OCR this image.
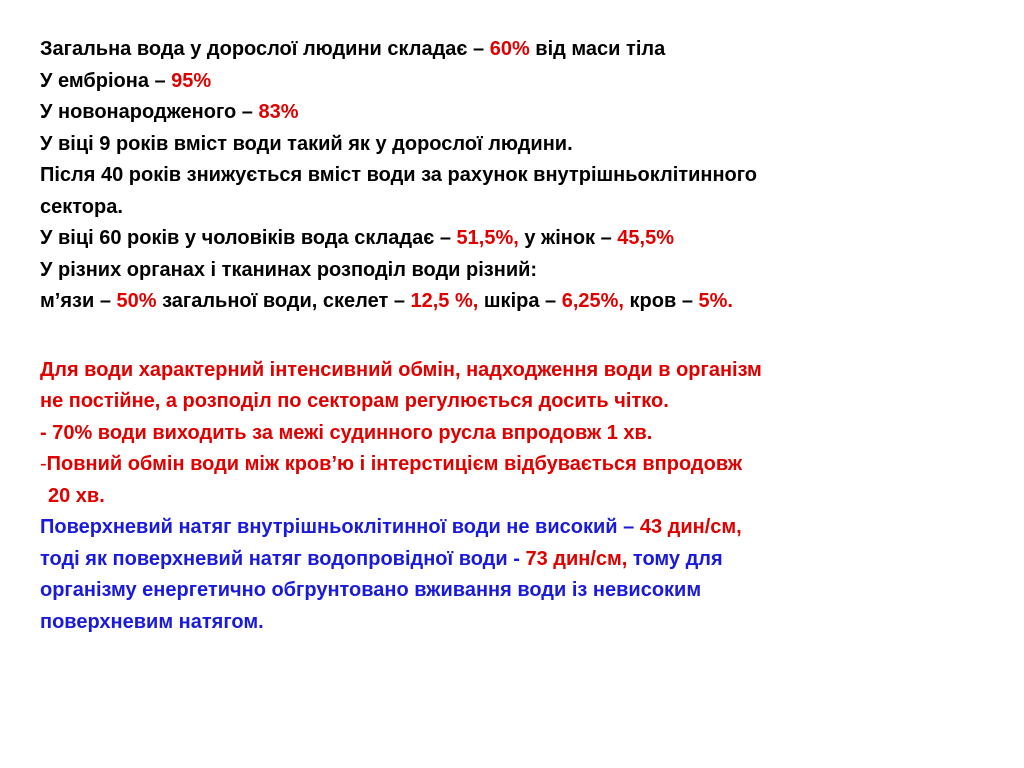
Загальна вода у дорослої людини складає – 60% від маси тіла
У ембріона – 95%
У новонародженого – 83%
У віці 9 років вміст води такий як у дорослої людини.
Після 40 років знижується вміст води за рахунок внутрішньоклітинного
сектора.
У віці 60 років у чоловіків вода складає – 51,5%, у жінок – 45,5%
У різних органах і тканинах розподіл води різний:
м’язи – 50% загальної води, скелет – 12,5 %, шкіра – 6,25%, кров – 5%.
Для води характерний інтенсивний обмін, надходження води в організм
не постійне, а розподіл по секторам регулюється досить чітко.
- 70% води виходить за межі судинного русла впродовж 1 хв.
-Повний обмін води між кров’ю і інтерстицієм відбувається впродовж
20 хв.
Поверхневий натяг внутрішньоклітинної води не високий – 43 дин/см,
тоді як поверхневий натяг водопровідної води - 73 дин/см, тому для
організму енергетично обгрунтовано вживання води із невисоким
поверхневим натягом.
